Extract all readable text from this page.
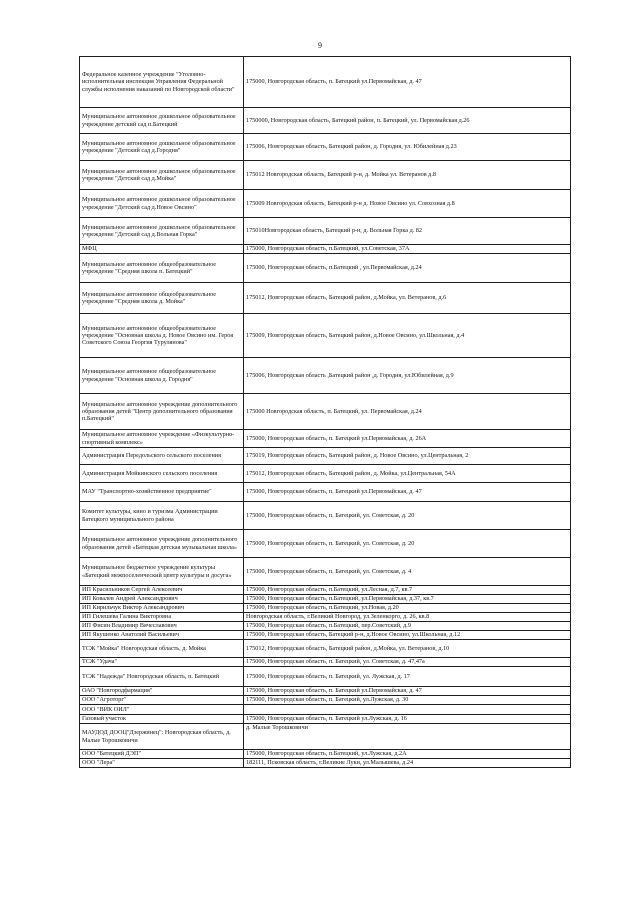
9
Федеральное казенное учреждение "Уголовно-исполнительная инспекция Управления Федеральной службы исполнения наказаний по Новгородской области"	175000, Новгородская область, п. Батецкий ул.Первомайская, д. 47
Муниципальное автономное дошкольное образовательное учреждение детский сад п.Батецкий	1750000, Новгородская область, Батецкий район, п. Батецкий, ул. Первомайская д.26
Муниципальное автономное дошкольное образовательное учреждение "Детский сад д.Городня"	175006, Новгородская область, Батецкий район, д. Городня, ул. Юбилейная д.23
Муниципальное автономное дошкольное образовательное учреждение "Детский сад д.Мойка"	175012 Новгородская область, Батецкий р-н, д. Мойка ул. Ветеранов д.8
Муниципальное автономное дошкольное образовательное учреждение "Детский сад д.Новое Овсино"	175009 Новгородская область, Батецкий р-н д. Новое Овсино ул. Совхозная д.8
Муниципальное автономное дошкольное образовательное учреждение "Детский сад д.Вольная Горка"	175010Новгородская область, Батецкий р-н, д. Вольная Горка д. 82
МФЦ	175000, Новгородская область, п.Батецкий, ул.Советская, 37А
Муниципальное автономное общеобразовательное учреждение "Средняя школа п. Батецкий"	175000, Новгородская область, п.Батецкий , ул.Первомайская, д.24
Муниципальное автономное общеобразовательное учреждение "Средняя школа д. Мойка"	175012, Новгородская область, Батецкий район, д.Мойка, ул. Ветеранов, д.6
Муниципальное автономное общеобразовательное учреждение "Основная школа д. Новое Овсино им. Героя Советского Союза Георгия Турулянова"	175009, Новгородская область, Батецкий район, д.Новое Овсино, ул.Школьная, д.4
Муниципальное автономное общеобразовательное учреждение "Основная школа д. Городня"	175006, Новгородская область ,Батецкий район ,д. Городня, ул.Юбилейная, д.9
Муниципальное автономное учреждение дополнительного образования детей "Центр дополнительного образования п.Батецкий"	175000 Новгородская область, п. Батецкий, ул. Первомайская, д.24
Муниципальное автономное учреждение «Физкультурно-спортивный комплекс»	175000, Новгородская область, п. Батецкий ул.Первомайская, д. 26А
Администрация Передольского сельского поселения	175019, Новгородская область, Батецкий район, д. Новое Овсино, ул.Центральная, 2
Администрация Мойкинского сельского поселения	175012, Новгородская область, Батецкий район, д. Мойка, ул.Центральная, 54А
МАУ "Транспортно-хозяйственное предприятие"	175000, Новгородская область, п. Батецкий ул.Первомайская, д. 47
Комитет культуры, кино и туризма Администрации Батецкого муниципального района	175000, Новгородская область, п. Батецкий, ул. Советская, д. 20
Муниципальное автономное учреждение дополнительного образования детей «Батецкая детская музыкальная школа»	175000, Новгородская область, п. Батецкий, ул. Советская, д. 20
Муниципальное бюджетное учреждение культуры «Батецкий межпоселенческий центр культуры и досуга»	175000, Новгородская область, п. Батецкий, ул. Советская, д. 4
ИП Красильников Сергей Алексеевич	175000, Новгородская область, п.Батецкий, ул.Лесная, д.7, кв.7
ИП Ковалев Андрей Александрович	175000, Новгородская область, п.Батецкий, ул.Первомайская, д.37, кв.7
ИП Кирильчук Виктор Александрович	175000, Новгородская область, п.Батецкий, ул.Новая, д.20
ИП Гилешева Галина Викторовна	Новгородская область, г.Великий Новгород, ул.Зеленкорго, д. 26, кв.8
ИП Фисин Владимир Вячеславович	175000, Новгородская область, п.Батецкий, пер.Советский, д.9
ИП Якушенко Анатолий Васильевич	175000, Новгородская область, Батецкий р-н, д.Новое Овсино, ул.Школьная, д.12
ТСЖ "Мойка" Новгородская область, д. Мойка	175012, Новгородская область, Батецкий район, д.Мойка, ул. Ветеранов, д.10
ТСЖ "Удача"	175000, Новгородская область, п. Батецкий, ул. Советская, д. 47,47а
ТСЖ "Надежда" Новгородская область, п. Батецкий	175000, Новгородская область, п. Батецкий, ул. Лужская, д. 17
ОАО "Новгородфармация"	175000, Новгородская область, п. Батецкий ул.Первомайская, д. 47
ООО "Агроторг"	175000, Новгородская область, п. Батецкий, ул.Лужская, д. 30
ООО "ВИК ОИЛ"	
Газовый участок	175000, Новгородская область, п. Батецкий ул.Лужская, д. 16
МАУДОД ДООЦ"Дзержинец": Новгородская область, д. Малые Торошковичи	д. Малые Торошковичи
ООО "Батецкий ДЭП"	175000, Новгородская область, п.Батецкий, ул.Лужская, д.2А
ООО "Лера"	182111, Псковская область, г.Великие Луки, ул.Малышева, д.24
